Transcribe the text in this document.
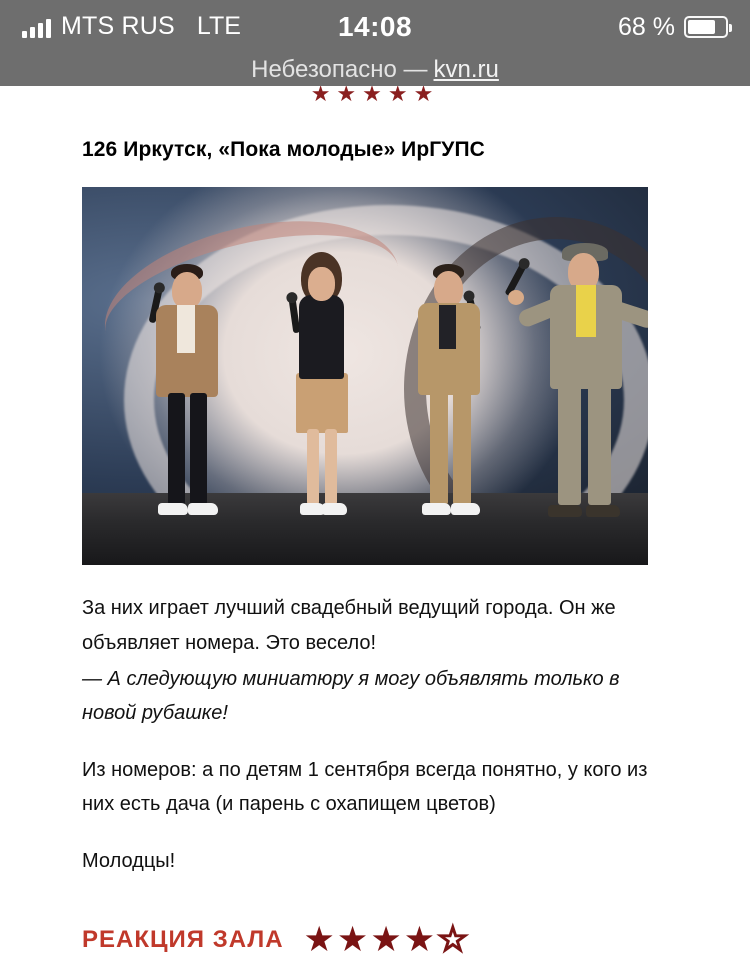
MTS RUS LTE	14:08	68 %
Небезопасно — kvn.ru
★★★★★
126 Иркутск, «Пока молодые» ИрГУПС

За них играет лучший свадебный ведущий города. Он же объявляет номера. Это весело!

— А следующую миниатюру я могу объявлять только в новой рубашке!

Из номеров: а по детям 1 сентября всегда понятно, у кого из них есть дача (и парень с охапищем цветов)

Молодцы!

РЕАКЦИЯ ЗАЛА ★ ★ ★ ★ ☆
